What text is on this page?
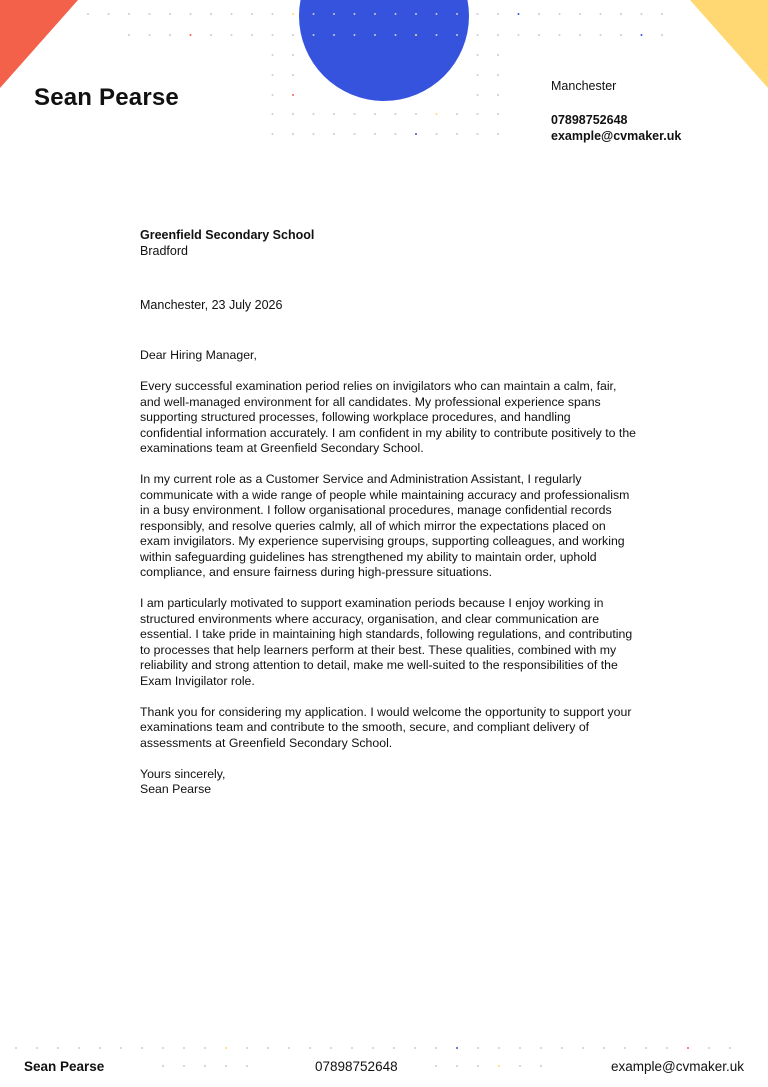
Sean Pearse	Manchester
07898752648
example@cvmaker.uk
Greenfield Secondary School
Bradford
Manchester, 23 July 2026

Dear Hiring Manager,

Every successful examination period relies on invigilators who can maintain a calm, fair, and well-managed environment for all candidates. My professional experience spans supporting structured processes, following workplace procedures, and handling confidential information accurately. I am confident in my ability to contribute positively to the examinations team at Greenfield Secondary School.

In my current role as a Customer Service and Administration Assistant, I regularly communicate with a wide range of people while maintaining accuracy and professionalism in a busy environment. I follow organisational procedures, manage confidential records responsibly, and resolve queries calmly, all of which mirror the expectations placed on exam invigilators. My experience supervising groups, supporting colleagues, and working within safeguarding guidelines has strengthened my ability to maintain order, uphold compliance, and ensure fairness during high-pressure situations.

I am particularly motivated to support examination periods because I enjoy working in structured environments where accuracy, organisation, and clear communication are essential. I take pride in maintaining high standards, following regulations, and contributing to processes that help learners perform at their best. These qualities, combined with my reliability and strong attention to detail, make me well-suited to the responsibilities of the Exam Invigilator role.

Thank you for considering my application. I would welcome the opportunity to support your examinations team and contribute to the smooth, secure, and compliant delivery of assessments at Greenfield Secondary School.

Yours sincerely,
Sean Pearse
Sean Pearse	07898752648	example@cvmaker.uk
